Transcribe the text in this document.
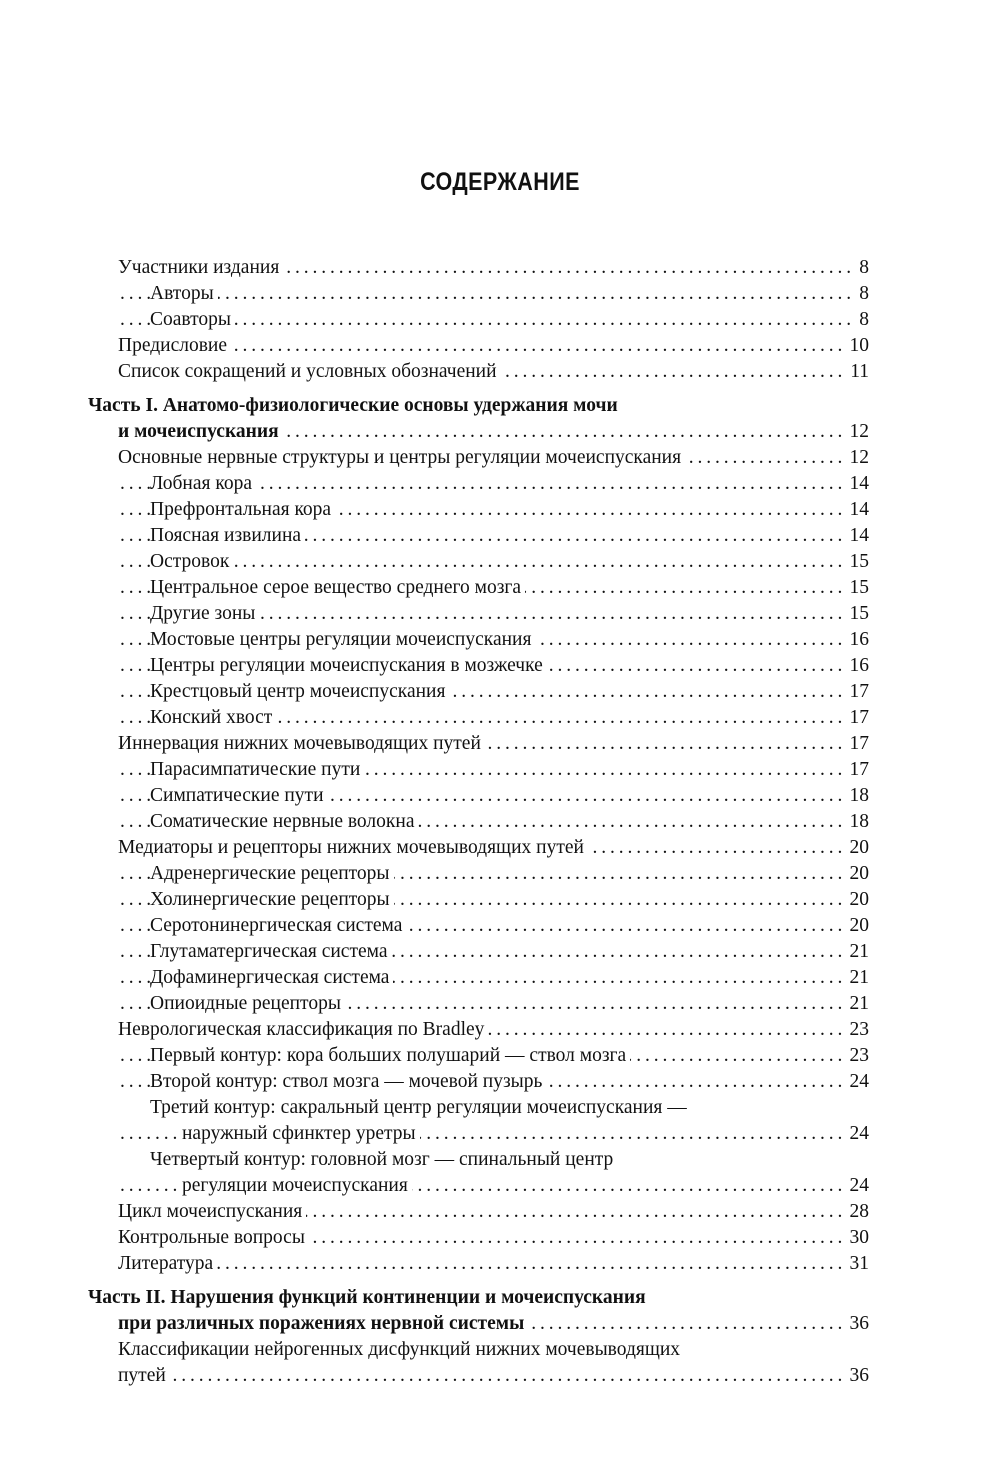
СОДЕРЖАНИЕ
. . .
Участники издания	8
. . .
Авторы	8
. . .
Соавторы	8
. . .
Предисловие	10
. . .
Список сокращений и условных обозначений	11
Часть I. Анатомо-физиологические основы удержания мочи
. . .
и мочеиспускания	12
. . .
Основные нервные структуры и центры регуляции мочеиспускания	12
. . .
Лобная кора	14
. . .
Префронтальная кора	14
. . .
Поясная извилина	14
. . .
Островок	15
. . .
Центральное серое вещество среднего мозга	15
. . .
Другие зоны	15
. . .
Мостовые центры регуляции мочеиспускания	16
. . .
Центры регуляции мочеиспускания в мозжечке	16
. . .
Крестцовый центр мочеиспускания	17
. . .
Конский хвост	17
. . .
Иннервация нижних мочевыводящих путей	17
. . .
Парасимпатические пути	17
. . .
Симпатические пути	18
. . .
Соматические нервные волокна	18
. . .
Медиаторы и рецепторы нижних мочевыводящих путей	20
. . .
Адренергические рецепторы	20
. . .
Холинергические рецепторы	20
. . .
Серотонинергическая система	20
. . .
Глутаматергическая система	21
. . .
Дофаминергическая система	21
. . .
Опиоидные рецепторы	21
. . .
Неврологическая классификация по Bradley	23
. . .
Первый контур: кора больших полушарий — ствол мозга	23
. . .
Второй контур: ствол мозга — мочевой пузырь	24
Третий контур: сакральный центр регуляции мочеиспускания —
. . .
наружный сфинктер уретры	24
Четвертый контур: головной мозг — спинальный центр
. . .
регуляции мочеиспускания	24
. . .
Цикл мочеиспускания	28
. . .
Контрольные вопросы	30
. . .
Литература	31
Часть II. Нарушения функций континенции и мочеиспускания
. . .
при различных поражениях нервной системы	36
Классификации нейрогенных дисфункций нижних мочевыводящих
. . .
путей	36
